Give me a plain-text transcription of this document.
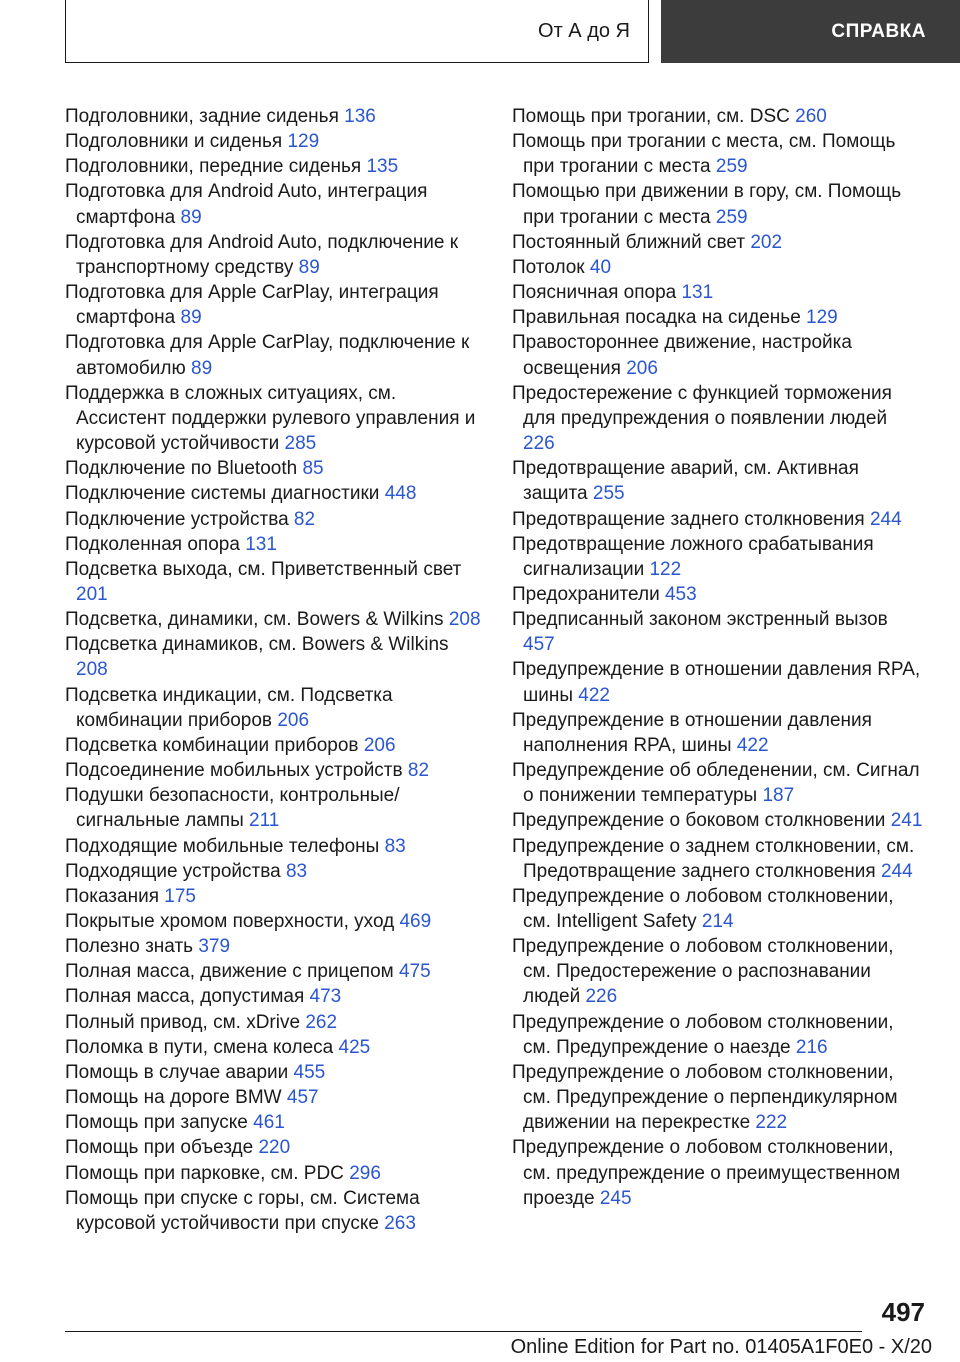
От А до Я	СПРАВКА
Подголовники, задние сиденья 136
Подголовники и сиденья 129
Подголовники, передние сиденья 135
Подготовка для Android Auto, интеграция смартфона 89
Подготовка для Android Auto, подключение к транспортному средству 89
Подготовка для Apple CarPlay, интеграция смартфона 89
Подготовка для Apple CarPlay, подключение к автомобилю 89
Поддержка в сложных ситуациях, см. Ассистент поддержки рулевого управления и курсовой устойчивости 285
Подключение по Bluetooth 85
Подключение системы диагностики 448
Подключение устройства 82
Подколенная опора 131
Подсветка выхода, см. Приветственный свет 201
Подсветка, динамики, см. Bowers & Wilkins 208
Подсветка динамиков, см. Bowers & Wilkins 208
Подсветка индикации, см. Подсветка комбинации приборов 206
Подсветка комбинации приборов 206
Подсоединение мобильных устройств 82
Подушки безопасности, контрольные/сигнальные лампы 211
Подходящие мобильные телефоны 83
Подходящие устройства 83
Показания 175
Покрытые хромом поверхности, уход 469
Полезно знать 379
Полная масса, движение с прицепом 475
Полная масса, допустимая 473
Полный привод, см. xDrive 262
Поломка в пути, смена колеса 425
Помощь в случае аварии 455
Помощь на дороге BMW 457
Помощь при запуске 461
Помощь при объезде 220
Помощь при парковке, см. PDC 296
Помощь при спуске с горы, см. Система курсовой устойчивости при спуске 263
Помощь при трогании, см. DSC 260
Помощь при трогании с места, см. Помощь при трогании с места 259
Помощью при движении в гору, см. Помощь при трогании с места 259
Постоянный ближний свет 202
Потолок 40
Поясничная опора 131
Правильная посадка на сиденье 129
Правостороннее движение, настройка освещения 206
Предостережение с функцией торможения для предупреждения о появлении людей 226
Предотвращение аварий, см. Активная защита 255
Предотвращение заднего столкновения 244
Предотвращение ложного срабатывания сигнализации 122
Предохранители 453
Предписанный законом экстренный вызов 457
Предупреждение в отношении давления RPA, шины 422
Предупреждение в отношении давления наполнения RPA, шины 422
Предупреждение об обледенении, см. Сигнал о понижении температуры 187
Предупреждение о боковом столкновении 241
Предупреждение о заднем столкновении, см. Предотвращение заднего столкновения 244
Предупреждение о лобовом столкновении, см. Intelligent Safety 214
Предупреждение о лобовом столкновении, см. Предостережение о распознавании людей 226
Предупреждение о лобовом столкновении, см. Предупреждение о наезде 216
Предупреждение о лобовом столкновении, см. Предупреждение о перпендикулярном движении на перекрестке 222
Предупреждение о лобовом столкновении, см. предупреждение о преимущественном проезде 245
497
Online Edition for Part no. 01405A1F0E0 - X/20
